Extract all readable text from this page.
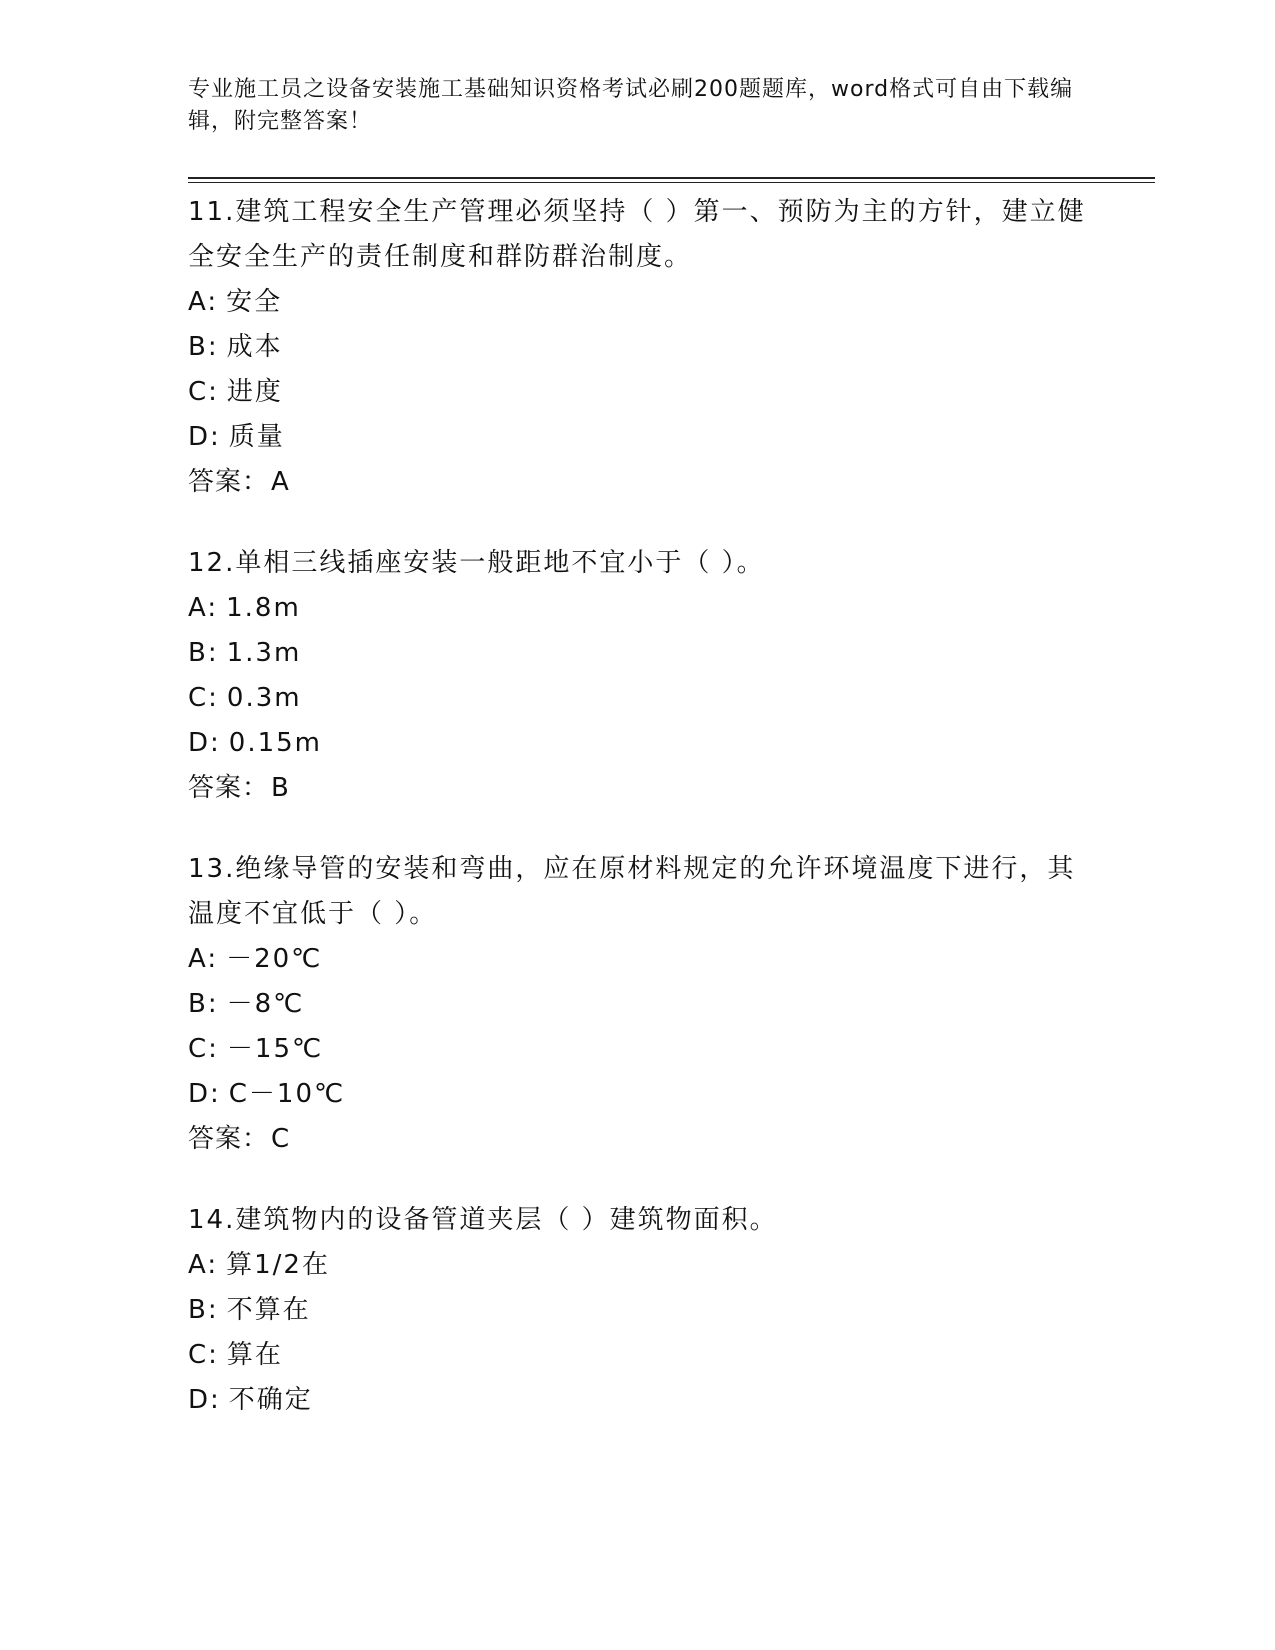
专业施工员之设备安装施工基础知识资格考试必刷200题题库，word格式可自由下载编辑，附完整答案！

11.建筑工程安全生产管理必须坚持（ ）第一、预防为主的方针，建立健全安全生产的责任制度和群防群治制度。

A: 安全

B: 成本

C: 进度

D: 质量

答案：A

12.单相三线插座安装一般距地不宜小于（ ）。

A: 1.8m

B: 1.3m

C: 0.3m

D: 0.15m

答案：B

13.绝缘导管的安装和弯曲，应在原材料规定的允许环境温度下进行，其温度不宜低于（ ）。

A: －20℃

B: －8℃

C: －15℃

D: C－10℃

答案：C

14.建筑物内的设备管道夹层（ ）建筑物面积。

A: 算1/2在

B: 不算在

C: 算在

D: 不确定
